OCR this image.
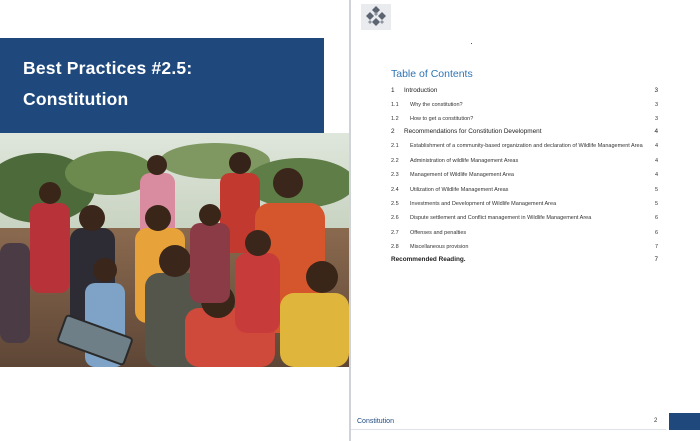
Best Practices #2.5:
Constitution
Table of Contents
1 Introduction	3
1.1 Why the constitution?	3
1.2 How to get a constitution?	3
2 Recommendations for Constitution Development	4
2.1 Establishment of a community-based organization and declaration of Wildlife Management Area 4
2.2 Administration of wildlife Management Areas	4
2.3 Management of Wildlife Management Area	4
2.4 Utilization of Wildlife Management Areas	5
2.5 Investments and Development of Wildlife Management Area	5
2.6 Dispute settlement and Conflict management in Wildlife Management Area	6
2.7 Offenses and penalties	6
2.8 Miscellaneous provision	7
Recommended Reading.	7
Constitution	2
